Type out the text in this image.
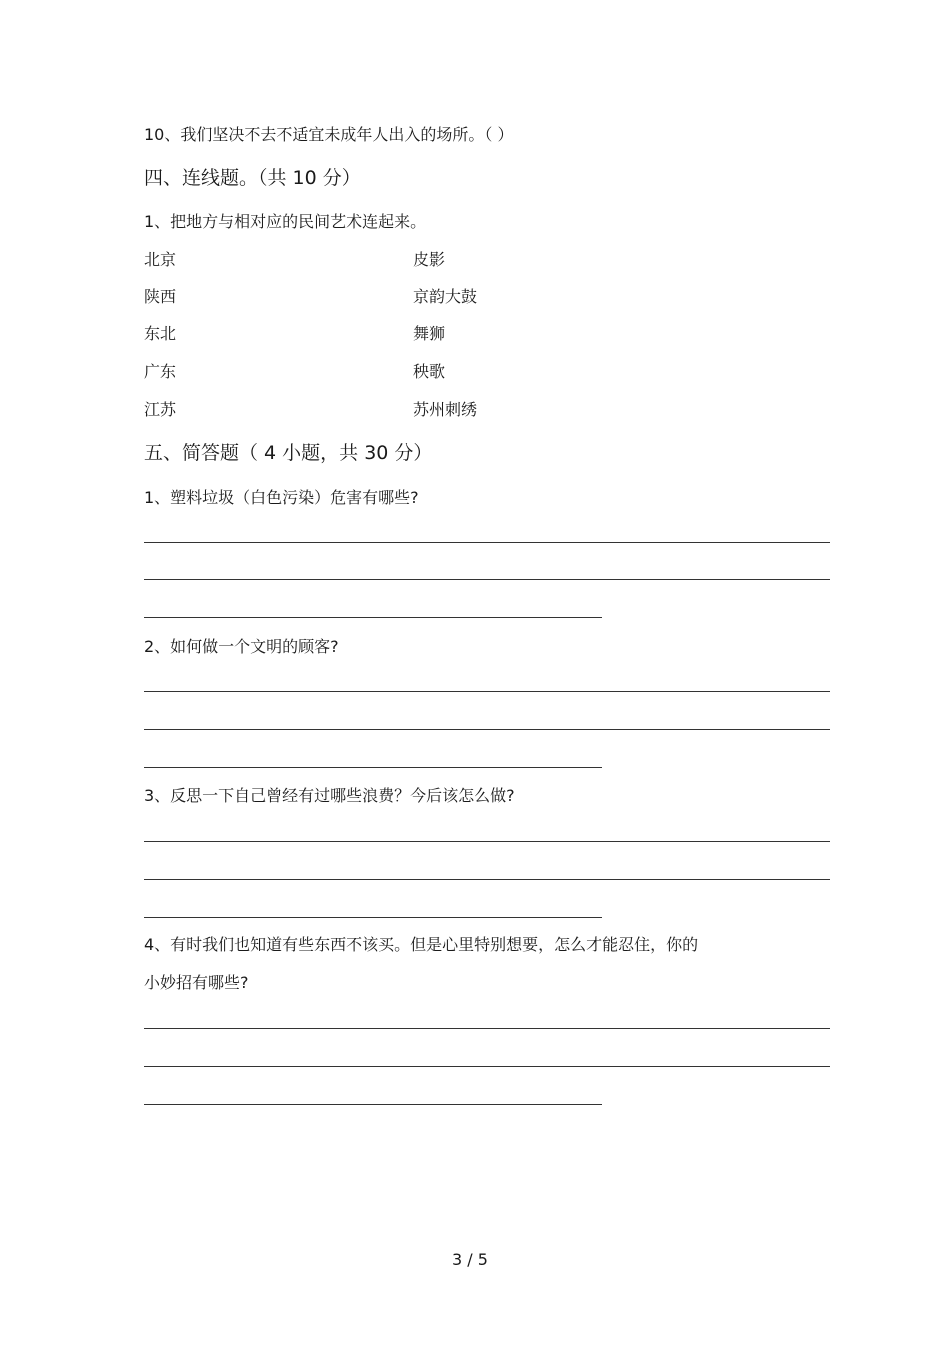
10、我们坚决不去不适宜未成年人出入的场所。（ ）
四、连线题。（共 10 分）
1、把地方与相对应的民间艺术连起来。
北京
陕西
东北
广东
江苏
皮影
京韵大鼓
舞狮
秧歌
苏州刺绣
五、简答题（ 4 小题，共 30 分）
1、塑料垃圾（白色污染）危害有哪些?
2、如何做一个文明的顾客?
3、反思一下自己曾经有过哪些浪费？今后该怎么做?
4、有时我们也知道有些东西不该买。但是心里特别想要，怎么才能忍住，你的
小妙招有哪些?
3 / 5
